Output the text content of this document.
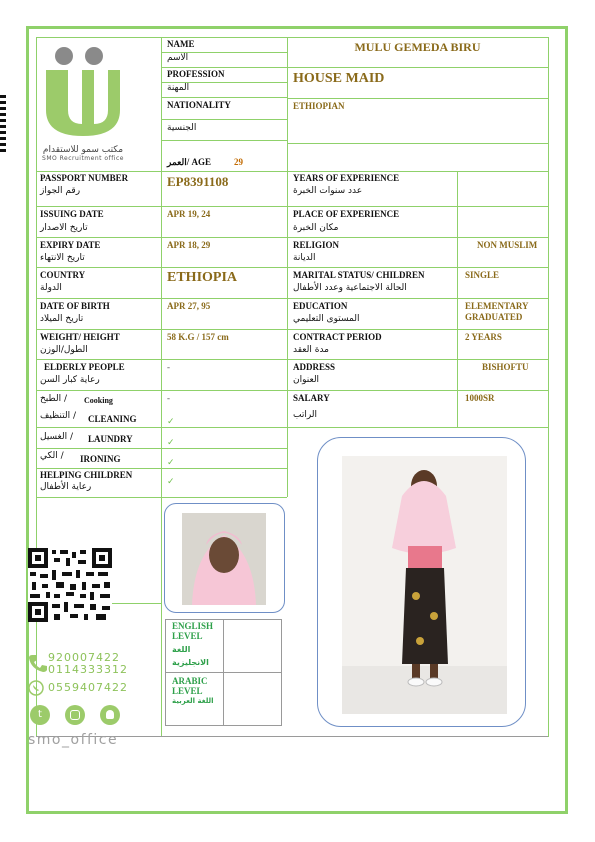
مكتب سمو للاستقدام
SMO Recruitment office
NAME
الاسم
MULU GEMEDA BIRU
PROFESSION
المهنة
HOUSE MAID
NATIONALITY
الجنسية
ETHIOPIAN
العمر/ AGE	29
PASSPORT NUMBER
رقم الجواز
EP8391108
ISSUING DATE
تاريخ الاصدار
APR 19, 24
EXPIRY DATE
تاريخ الانتهاء
APR 18, 29
COUNTRY
الدولة
ETHIOPIA
DATE OF BIRTH
تاريخ الميلاد
APR 27, 95
WEIGHT/ HEIGHT
الطول/الوزن
58 K.G / 157 cm
ELDERLY PEOPLE
رعاية كبار السن
-
YEARS OF EXPERIENCE
عدد سنوات الخبرة
PLACE OF EXPERIENCE
مكان الخبرة
RELIGION
الديانة
NON MUSLIM
MARITAL STATUS/ CHILDREN
الحالة الاجتماعية وعدد الأطفال
SINGLE
EDUCATION
المستوى التعليمي
ELEMENTARY GRADUATED
CONTRACT PERIOD
مدة العقد
2 YEARS
ADDRESS
العنوان
BISHOFTU
SALARY
الراتب
1000SR
الطبخ / Cooking	-
التنظيف / CLEANING	✓
الغسيل / LAUNDRY	✓
الكي / IRONING	✓
HELPING CHILDREN
رعاية الأطفال	✓
ENGLISH LEVEL
اللغة الانجليزية
ARABIC LEVEL
اللغة العربية
920007422
0114333312
0559407422
t
smo_office
